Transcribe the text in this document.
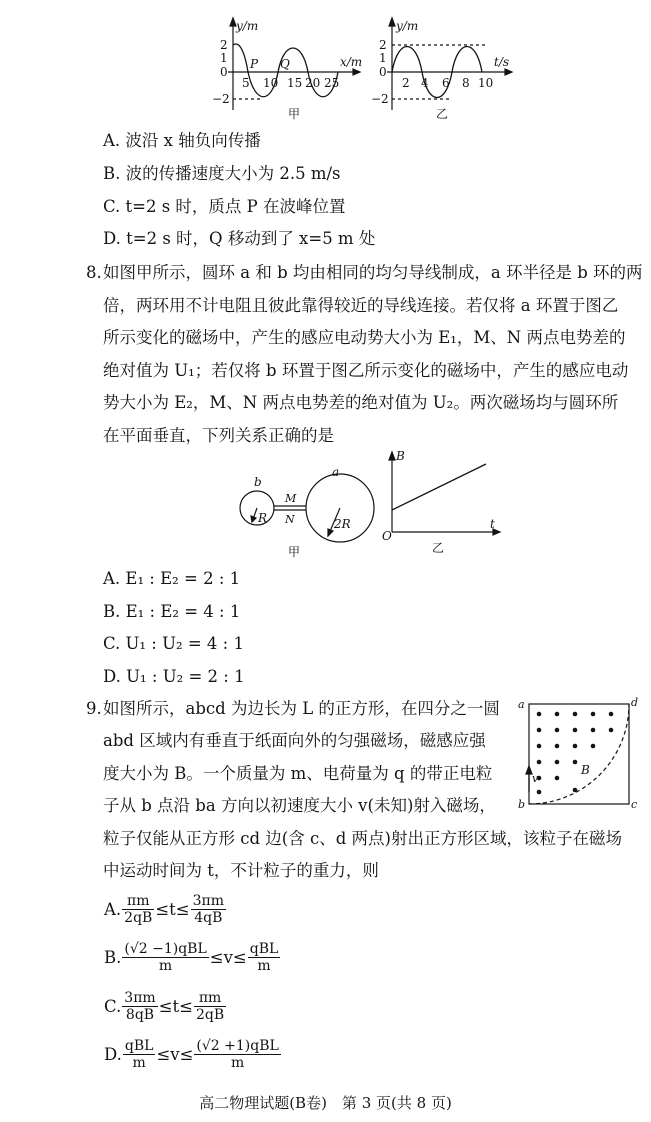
y/m
x/m
2
1
0
−2
5 10 15 20 25
P Q
甲
y/m
t/s
2
1
0
−2
2 4 6 8 10
乙
A. 波沿 x 轴负向传播
B. 波的传播速度大小为 2.5 m/s
C. t=2 s 时，质点 P 在波峰位置
D. t=2 s 时，Q 移动到了 x=5 m 处
8. 如图甲所示，圆环 a 和 b 均由相同的均匀导线制成，a 环半径是 b 环的两
倍，两环用不计电阻且彼此靠得较近的导线连接。若仅将 a 环置于图乙
所示变化的磁场中，产生的感应电动势大小为 E₁，M、N 两点电势差的
绝对值为 U₁；若仅将 b 环置于图乙所示变化的磁场中，产生的感应电动
势大小为 E₂，M、N 两点电势差的绝对值为 U₂。两次磁场均与圆环所
在平面垂直，下列关系正确的是
b
R
M
N
a
2R
甲
B
O
t
乙
A. E₁ : E₂ = 2 : 1
B. E₁ : E₂ = 4 : 1
C. U₁ : U₂ = 4 : 1
D. U₁ : U₂ = 2 : 1
9. 如图所示，abcd 为边长为 L 的正方形，在四分之一圆
abd 区域内有垂直于纸面向外的匀强磁场，磁感应强
度大小为 B。一个质量为 m、电荷量为 q 的带正电粒
子从 b 点沿 ba 方向以初速度大小 v(未知)射入磁场，
粒子仅能从正方形 cd 边(含 c、d 两点)射出正方形区域，该粒子在磁场
中运动时间为 t，不计粒子的重力，则
a	d
b	c
B
v
A. $\frac{\pi m}{2qB} \le t\le \frac{3\pi m}{4qB}$
B. $\frac{\text{(√2 −1)qBL}}{m} \le v\le \frac{\text{qBL}}{m}$
C. $\frac{3\pi m}{8qB} \le t\le \frac{\pi m}{2qB}$
D. $\frac{\text{qBL}}{m} \le v\le \frac{\text{(√2 +1)qBL}}{m}$
高二物理试题(B卷)　第 3 页(共 8 页)
